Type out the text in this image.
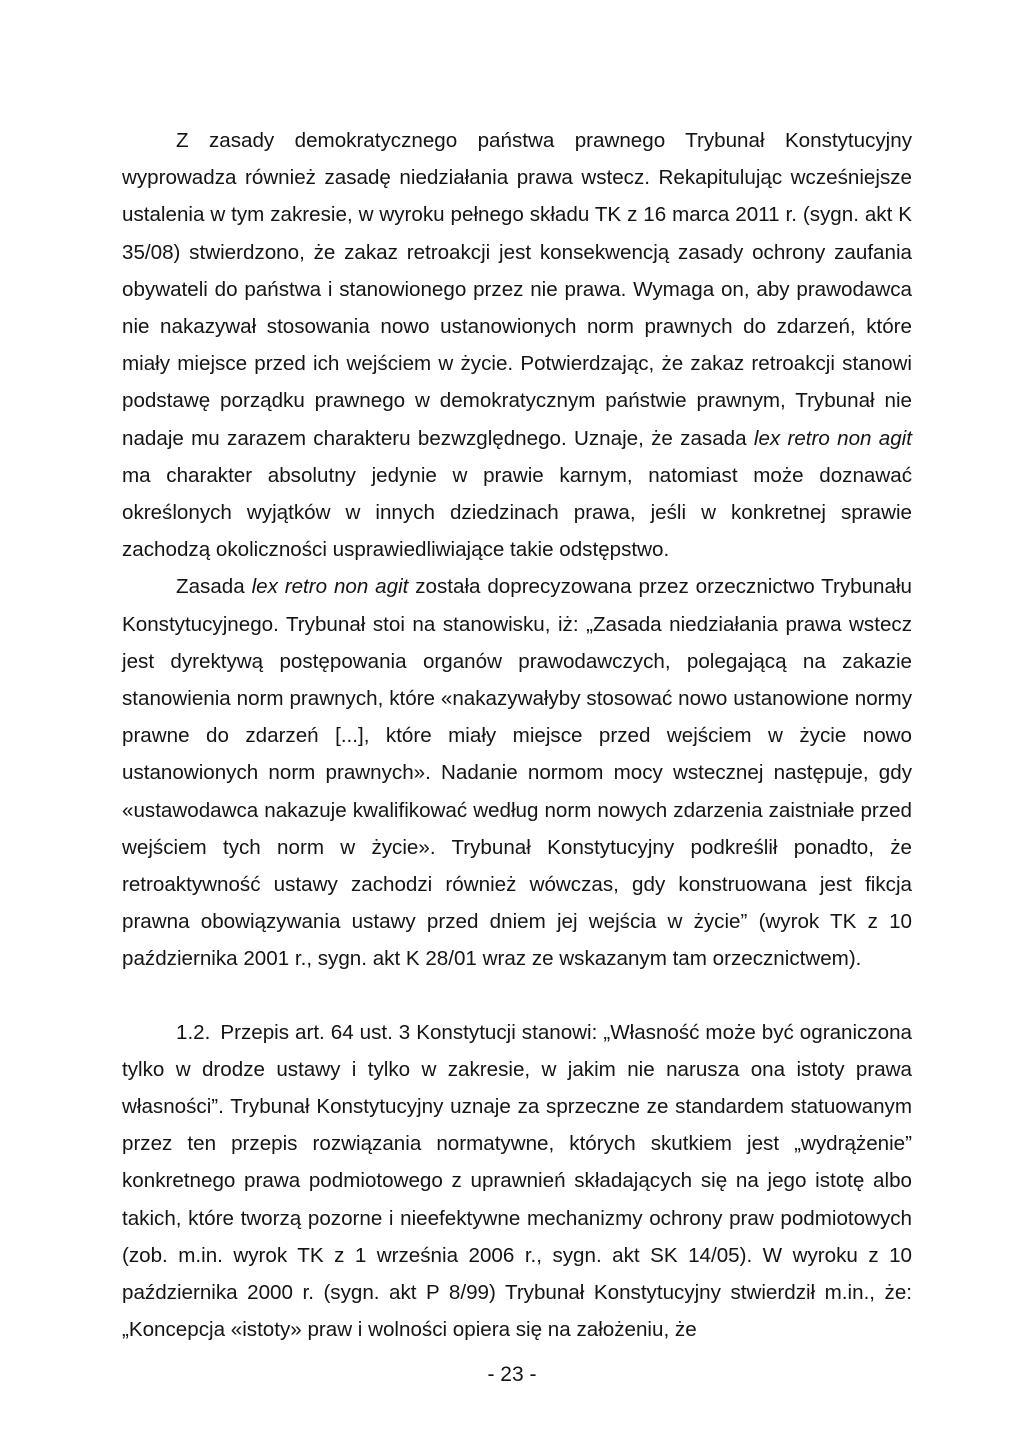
Z zasady demokratycznego państwa prawnego Trybunał Konstytucyjny wyprowadza również zasadę niedziałania prawa wstecz. Rekapitulując wcześniejsze ustalenia w tym zakresie, w wyroku pełnego składu TK z 16 marca 2011 r. (sygn. akt K 35/08) stwierdzono, że zakaz retroakcji jest konsekwencją zasady ochrony zaufania obywateli do państwa i stanowionego przez nie prawa. Wymaga on, aby prawodawca nie nakazywał stosowania nowo ustanowionych norm prawnych do zdarzeń, które miały miejsce przed ich wejściem w życie. Potwierdzając, że zakaz retroakcji stanowi podstawę porządku prawnego w demokratycznym państwie prawnym, Trybunał nie nadaje mu zarazem charakteru bezwzględnego. Uznaje, że zasada lex retro non agit ma charakter absolutny jedynie w prawie karnym, natomiast może doznawać określonych wyjątków w innych dziedzinach prawa, jeśli w konkretnej sprawie zachodzą okoliczności usprawiedliwiające takie odstępstwo.

Zasada lex retro non agit została doprecyzowana przez orzecznictwo Trybunału Konstytucyjnego. Trybunał stoi na stanowisku, iż: „Zasada niedziałania prawa wstecz jest dyrektywą postępowania organów prawodawczych, polegającą na zakazie stanowienia norm prawnych, które «nakazywałyby stosować nowo ustanowione normy prawne do zdarzeń [...], które miały miejsce przed wejściem w życie nowo ustanowionych norm prawnych». Nadanie normom mocy wstecznej następuje, gdy «ustawodawca nakazuje kwalifikować według norm nowych zdarzenia zaistniałe przed wejściem tych norm w życie». Trybunał Konstytucyjny podkreślił ponadto, że retroaktywność ustawy zachodzi również wówczas, gdy konstruowana jest fikcja prawna obowiązywania ustawy przed dniem jej wejścia w życie” (wyrok TK z 10 października 2001 r., sygn. akt K 28/01 wraz ze wskazanym tam orzecznictwem).

1.2. Przepis art. 64 ust. 3 Konstytucji stanowi: „Własność może być ograniczona tylko w drodze ustawy i tylko w zakresie, w jakim nie narusza ona istoty prawa własności”. Trybunał Konstytucyjny uznaje za sprzeczne ze standardem statuowanym przez ten przepis rozwiązania normatywne, których skutkiem jest „wydrążenie” konkretnego prawa podmiotowego z uprawnień składających się na jego istotę albo takich, które tworzą pozorne i nieefektywne mechanizmy ochrony praw podmiotowych (zob. m.in. wyrok TK z 1 września 2006 r., sygn. akt SK 14/05). W wyroku z 10 października 2000 r. (sygn. akt P 8/99) Trybunał Konstytucyjny stwierdził m.in., że: „Koncepcja «istoty» praw i wolności opiera się na założeniu, że

- 23 -
